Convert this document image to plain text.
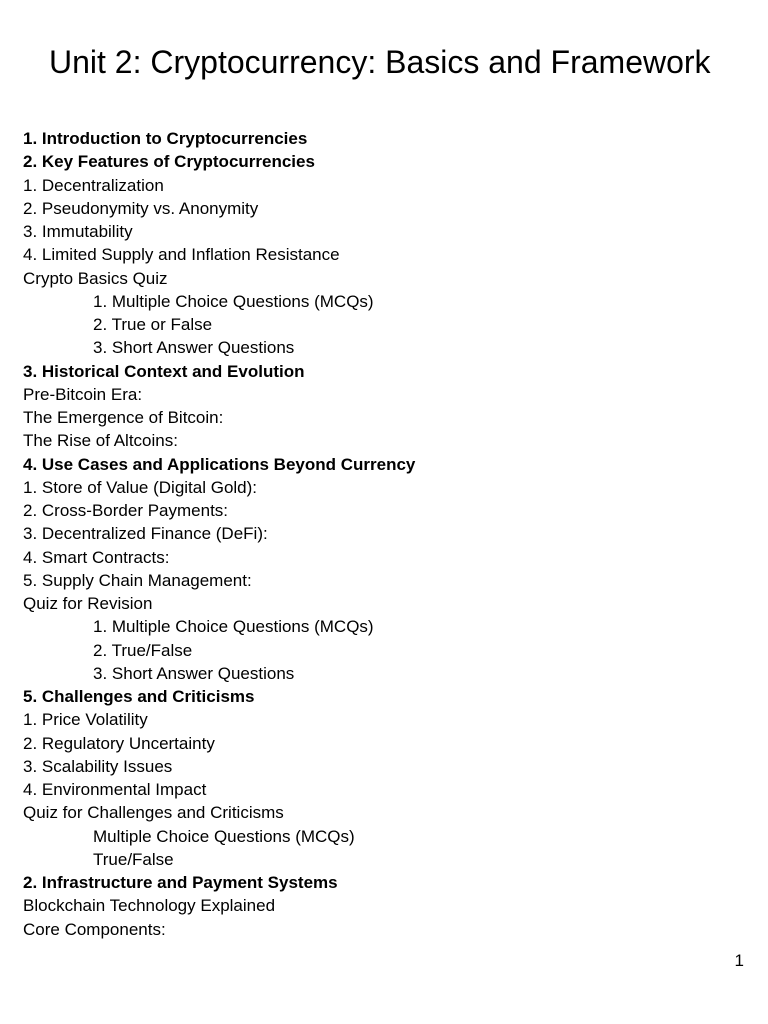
Unit 2: Cryptocurrency: Basics and Framework
1. Introduction to Cryptocurrencies
2. Key Features of Cryptocurrencies
1. Decentralization
2. Pseudonymity vs. Anonymity
3. Immutability
4. Limited Supply and Inflation Resistance
Crypto Basics Quiz
1. Multiple Choice Questions (MCQs)
2. True or False
3. Short Answer Questions
3. Historical Context and Evolution
Pre-Bitcoin Era:
The Emergence of Bitcoin:
The Rise of Altcoins:
4. Use Cases and Applications Beyond Currency
1. Store of Value (Digital Gold):
2. Cross-Border Payments:
3. Decentralized Finance (DeFi):
4. Smart Contracts:
5. Supply Chain Management:
Quiz for Revision
1. Multiple Choice Questions (MCQs)
2. True/False
3. Short Answer Questions
5. Challenges and Criticisms
1. Price Volatility
2. Regulatory Uncertainty
3. Scalability Issues
4. Environmental Impact
Quiz for Challenges and Criticisms
Multiple Choice Questions (MCQs)
True/False
2. Infrastructure and Payment Systems
Blockchain Technology Explained
Core Components:
1
